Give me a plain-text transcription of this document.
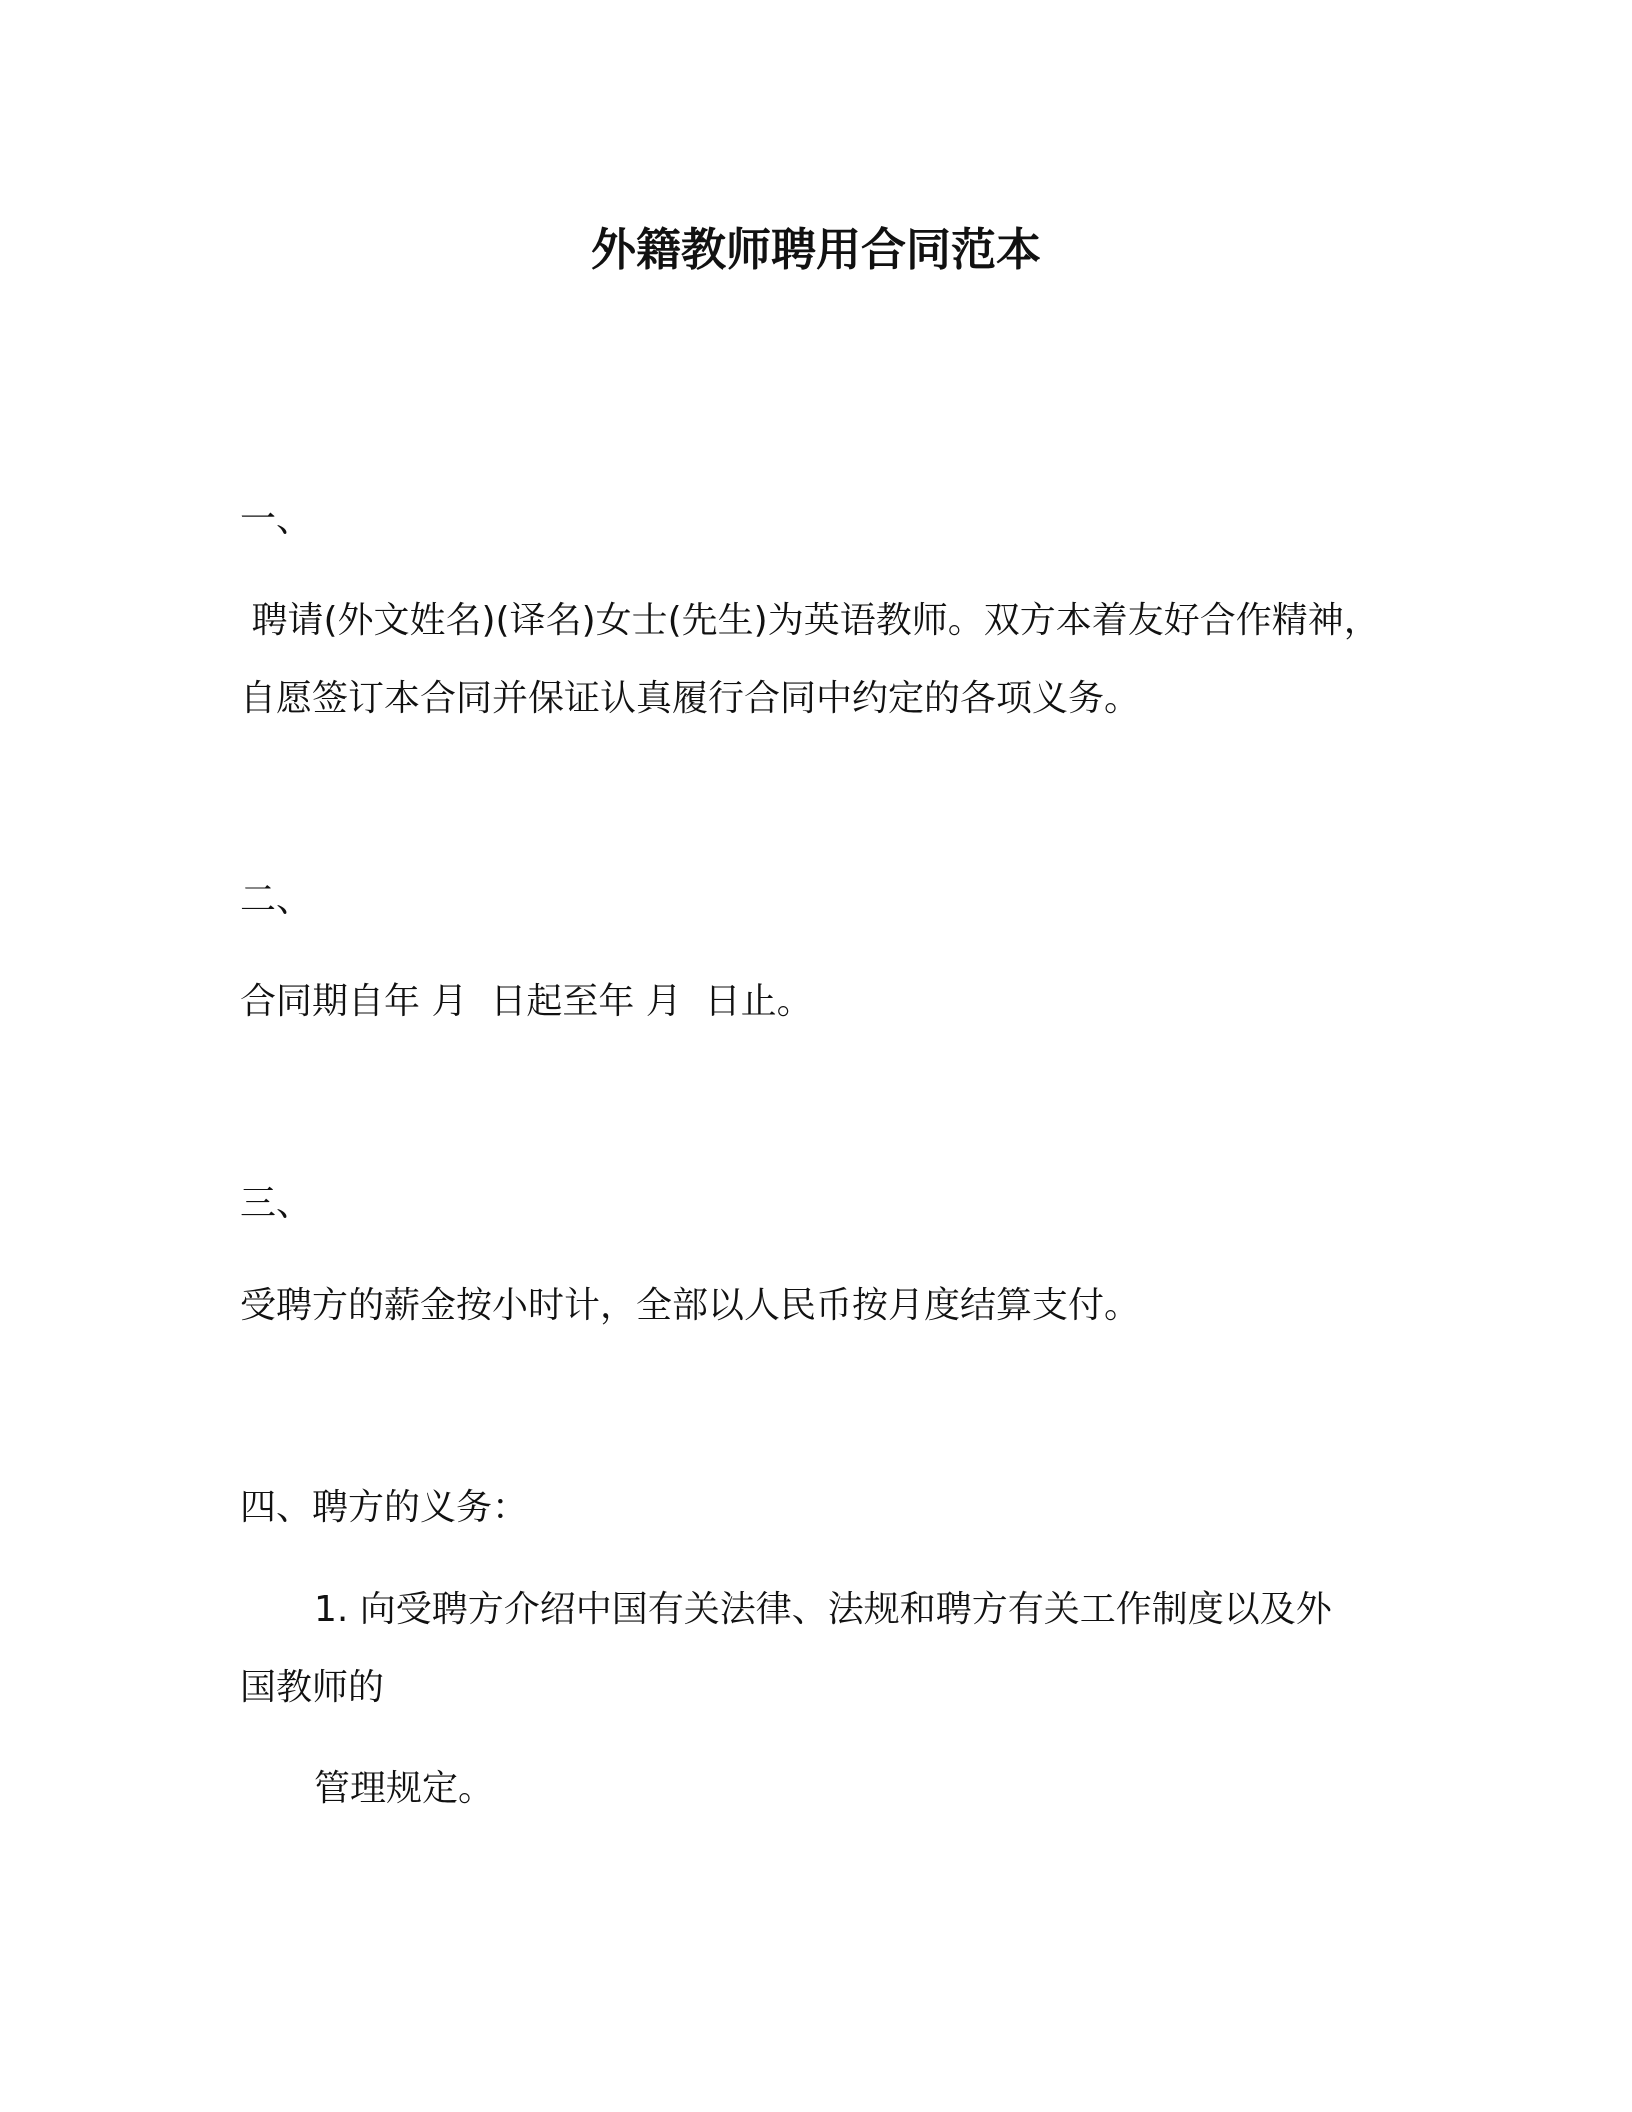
外籍教师聘用合同范本
一、
聘请(外文姓名)(译名)女士(先生)为英语教师。双方本着友好合作精神，
自愿签订本合同并保证认真履行合同中约定的各项义务。
二、
合同期自年 月  日起至年 月  日止。
三、
受聘方的薪金按小时计，全部以人民币按月度结算支付。
四、聘方的义务：
1. 向受聘方介绍中国有关法律、法规和聘方有关工作制度以及外
国教师的
管理规定。
